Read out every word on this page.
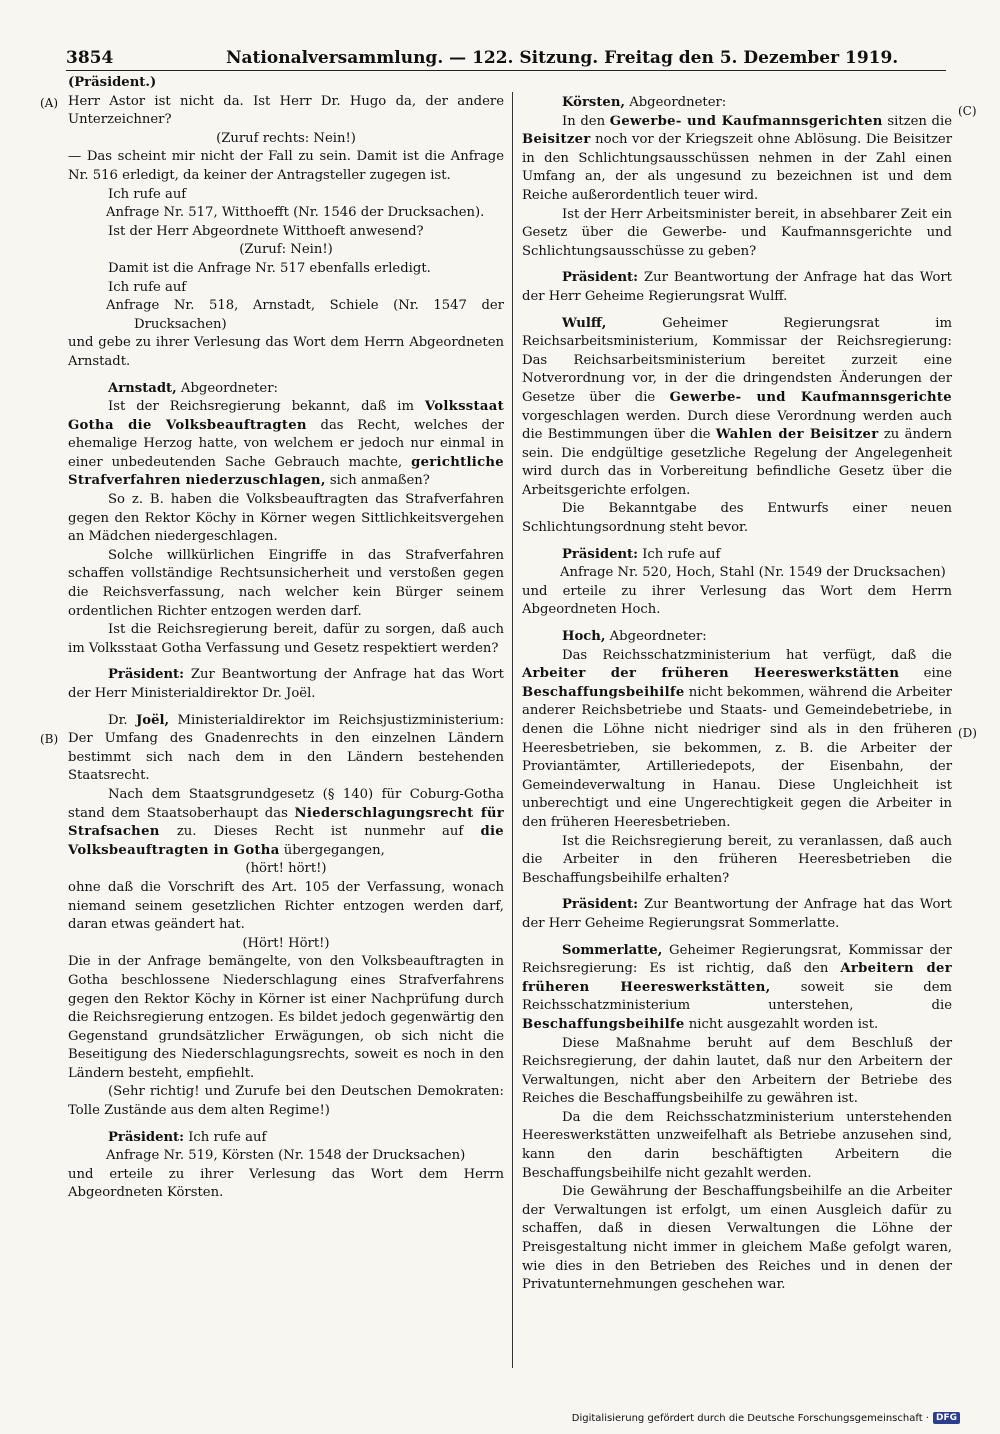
3854	Nationalversammlung. — 122. Sitzung. Freitag den 5. Dezember 1919.
(A)
(B)
(C)
(D)

(Präsident.)

Herr Astor ist nicht da. Ist Herr Dr. Hugo da, der andere Unterzeichner?

(Zuruf rechts: Nein!)

— Das scheint mir nicht der Fall zu sein. Damit ist die Anfrage Nr. 516 erledigt, da keiner der Antragsteller zugegen ist.

Ich rufe auf

Anfrage Nr. 517, Witthoefft (Nr. 1546 der Drucksachen).

Ist der Herr Abgeordnete Witthoeft anwesend?

(Zuruf: Nein!)

Damit ist die Anfrage Nr. 517 ebenfalls erledigt.

Ich rufe auf

Anfrage Nr. 518, Arnstadt, Schiele (Nr. 1547 der Drucksachen)

und gebe zu ihrer Verlesung das Wort dem Herrn Abgeordneten Arnstadt.

Arnstadt, Abgeordneter:

Ist der Reichsregierung bekannt, daß im Volksstaat Gotha die Volksbeauftragten das Recht, welches der ehemalige Herzog hatte, von welchem er jedoch nur einmal in einer unbedeutenden Sache Gebrauch machte, gerichtliche Strafverfahren niederzuschlagen, sich anmaßen?

So z. B. haben die Volksbeauftragten das Strafverfahren gegen den Rektor Köchy in Körner wegen Sittlichkeitsvergehen an Mädchen niedergeschlagen.

Solche willkürlichen Eingriffe in das Strafverfahren schaffen vollständige Rechtsunsicherheit und verstoßen gegen die Reichsverfassung, nach welcher kein Bürger seinem ordentlichen Richter entzogen werden darf.

Ist die Reichsregierung bereit, dafür zu sorgen, daß auch im Volksstaat Gotha Verfassung und Gesetz respektiert werden?

Präsident: Zur Beantwortung der Anfrage hat das Wort der Herr Ministerialdirektor Dr. Joël.

Dr. Joël, Ministerialdirektor im Reichsjustizministerium: Der Umfang des Gnadenrechts in den einzelnen Ländern bestimmt sich nach dem in den Ländern bestehenden Staatsrecht.

Nach dem Staatsgrundgesetz (§ 140) für Coburg-Gotha stand dem Staatsoberhaupt das Niederschlagungsrecht für Strafsachen zu. Dieses Recht ist nunmehr auf die Volksbeauftragten in Gotha übergegangen,

(hört! hört!)

ohne daß die Vorschrift des Art. 105 der Verfassung, wonach niemand seinem gesetzlichen Richter entzogen werden darf, daran etwas geändert hat.

(Hört! Hört!)

Die in der Anfrage bemängelte, von den Volksbeauftragten in Gotha beschlossene Niederschlagung eines Strafverfahrens gegen den Rektor Köchy in Körner ist einer Nachprüfung durch die Reichsregierung entzogen. Es bildet jedoch gegenwärtig den Gegenstand grundsätzlicher Erwägungen, ob sich nicht die Beseitigung des Niederschlagungsrechts, soweit es noch in den Ländern besteht, empfiehlt.

(Sehr richtig! und Zurufe bei den Deutschen Demokraten: Tolle Zustände aus dem alten Regime!)

Präsident: Ich rufe auf

Anfrage Nr. 519, Körsten (Nr. 1548 der Drucksachen)

und erteile zu ihrer Verlesung das Wort dem Herrn Abgeordneten Körsten.

Körsten, Abgeordneter:

In den Gewerbe- und Kaufmannsgerichten sitzen die Beisitzer noch vor der Kriegszeit ohne Ablösung. Die Beisitzer in den Schlichtungsausschüssen nehmen in der Zahl einen Umfang an, der als ungesund zu bezeichnen ist und dem Reiche außerordentlich teuer wird.

Ist der Herr Arbeitsminister bereit, in absehbarer Zeit ein Gesetz über die Gewerbe- und Kaufmannsgerichte und Schlichtungsausschüsse zu geben?

Präsident: Zur Beantwortung der Anfrage hat das Wort der Herr Geheime Regierungsrat Wulff.

Wulff, Geheimer Regierungsrat im Reichsarbeitsministerium, Kommissar der Reichsregierung: Das Reichsarbeitsministerium bereitet zurzeit eine Notverordnung vor, in der die dringendsten Änderungen der Gesetze über die Gewerbe- und Kaufmannsgerichte vorgeschlagen werden. Durch diese Verordnung werden auch die Bestimmungen über die Wahlen der Beisitzer zu ändern sein. Die endgültige gesetzliche Regelung der Angelegenheit wird durch das in Vorbereitung befindliche Gesetz über die Arbeitsgerichte erfolgen.

Die Bekanntgabe des Entwurfs einer neuen Schlichtungsordnung steht bevor.

Präsident: Ich rufe auf

Anfrage Nr. 520, Hoch, Stahl (Nr. 1549 der Drucksachen)

und erteile zu ihrer Verlesung das Wort dem Herrn Abgeordneten Hoch.

Hoch, Abgeordneter:

Das Reichsschatzministerium hat verfügt, daß die Arbeiter der früheren Heereswerkstätten eine Beschaffungsbeihilfe nicht bekommen, während die Arbeiter anderer Reichsbetriebe und Staats- und Gemeindebetriebe, in denen die Löhne nicht niedriger sind als in den früheren Heeresbetrieben, sie bekommen, z. B. die Arbeiter der Proviantämter, Artilleriedepots, der Eisenbahn, der Gemeindeverwaltung in Hanau. Diese Ungleichheit ist unberechtigt und eine Ungerechtigkeit gegen die Arbeiter in den früheren Heeresbetrieben.

Ist die Reichsregierung bereit, zu veranlassen, daß auch die Arbeiter in den früheren Heeresbetrieben die Beschaffungsbeihilfe erhalten?

Präsident: Zur Beantwortung der Anfrage hat das Wort der Herr Geheime Regierungsrat Sommerlatte.

Sommerlatte, Geheimer Regierungsrat, Kommissar der Reichsregierung: Es ist richtig, daß den Arbeitern der früheren Heereswerkstätten, soweit sie dem Reichsschatzministerium unterstehen, die Beschaffungsbeihilfe nicht ausgezahlt worden ist.

Diese Maßnahme beruht auf dem Beschluß der Reichsregierung, der dahin lautet, daß nur den Arbeitern der Verwaltungen, nicht aber den Arbeitern der Betriebe des Reiches die Beschaffungsbeihilfe zu gewähren ist.

Da die dem Reichsschatzministerium unterstehenden Heereswerkstätten unzweifelhaft als Betriebe anzusehen sind, kann den darin beschäftigten Arbeitern die Beschaffungsbeihilfe nicht gezahlt werden.

Die Gewährung der Beschaffungsbeihilfe an die Arbeiter der Verwaltungen ist erfolgt, um einen Ausgleich dafür zu schaffen, daß in diesen Verwaltungen die Löhne der Preisgestaltung nicht immer in gleichem Maße gefolgt waren, wie dies in den Betrieben des Reiches und in denen der Privatunternehmungen geschehen war.

Digitalisierung gefördert durch die Deutsche Forschungsgemeinschaft · DFG
